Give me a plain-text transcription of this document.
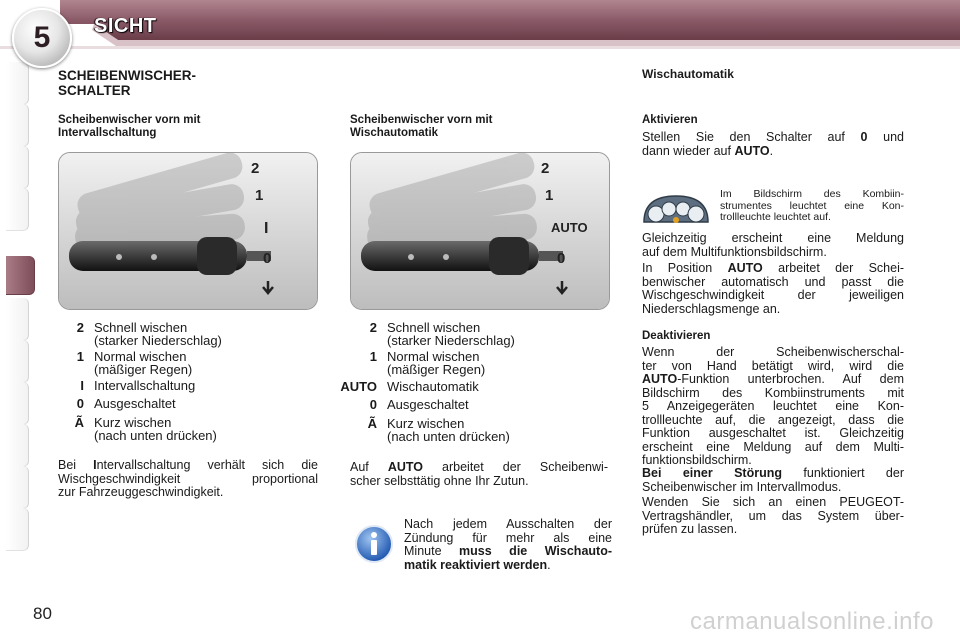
5 SICHT
SCHEIBENWISCHER-
SCHALTER
Scheibenwischer vorn mit
Intervallschaltung
2
1
I
0
2 Schnell wischen
(starker Niederschlag)
1 Normal wischen
(mäßiger Regen)
I Intervallschaltung
0 Ausgeschaltet
Ã Kurz wischen
(nach unten drücken)
Bei Intervallschaltung verhält sich die
Wischgeschwindigkeit proportional
zur Fahrzeuggeschwindigkeit.
Scheibenwischer vorn mit
Wischautomatik
2
1
AUTO
0
2 Schnell wischen
(starker Niederschlag)
1 Normal wischen
(mäßiger Regen)
AUTO Wischautomatik
0 Ausgeschaltet
Ã Kurz wischen
(nach unten drücken)
Auf AUTO arbeitet der Scheibenwi-
scher selbsttätig ohne Ihr Zutun.
Nach jedem Ausschalten der
Zündung für mehr als eine
Minute muss die Wischauto-
matik reaktiviert werden.
Wischautomatik
Aktivieren
Stellen Sie den Schalter auf 0 und
dann wieder auf AUTO.
Im Bildschirm des Kombiin-
strumentes leuchtet eine Kon-
trollleuchte leuchtet auf.
Gleichzeitig erscheint eine Meldung
auf dem Multifunktionsbildschirm.
In Position AUTO arbeitet der Schei-
benwischer automatisch und passt die
Wischgeschwindigkeit der jeweiligen
Niederschlagsmenge an.
Deaktivieren
Wenn der Scheibenwischerschal-
ter von Hand betätigt wird, wird die
AUTO-Funktion unterbrochen. Auf dem
Bildschirm des Kombiinstruments mit
5 Anzeigegeräten leuchtet eine Kon-
trollleuchte auf, die angezeigt, dass die
Funktion ausgeschaltet ist. Gleichzeitig
erscheint eine Meldung auf dem Multi-
funktionsbildschirm.
Bei einer Störung funktioniert der
Scheibenwischer im Intervallmodus.
Wenden Sie sich an einen PEUGEOT-
Vertragshändler, um das System über-
prüfen zu lassen.
80	carmanualsonline.info
